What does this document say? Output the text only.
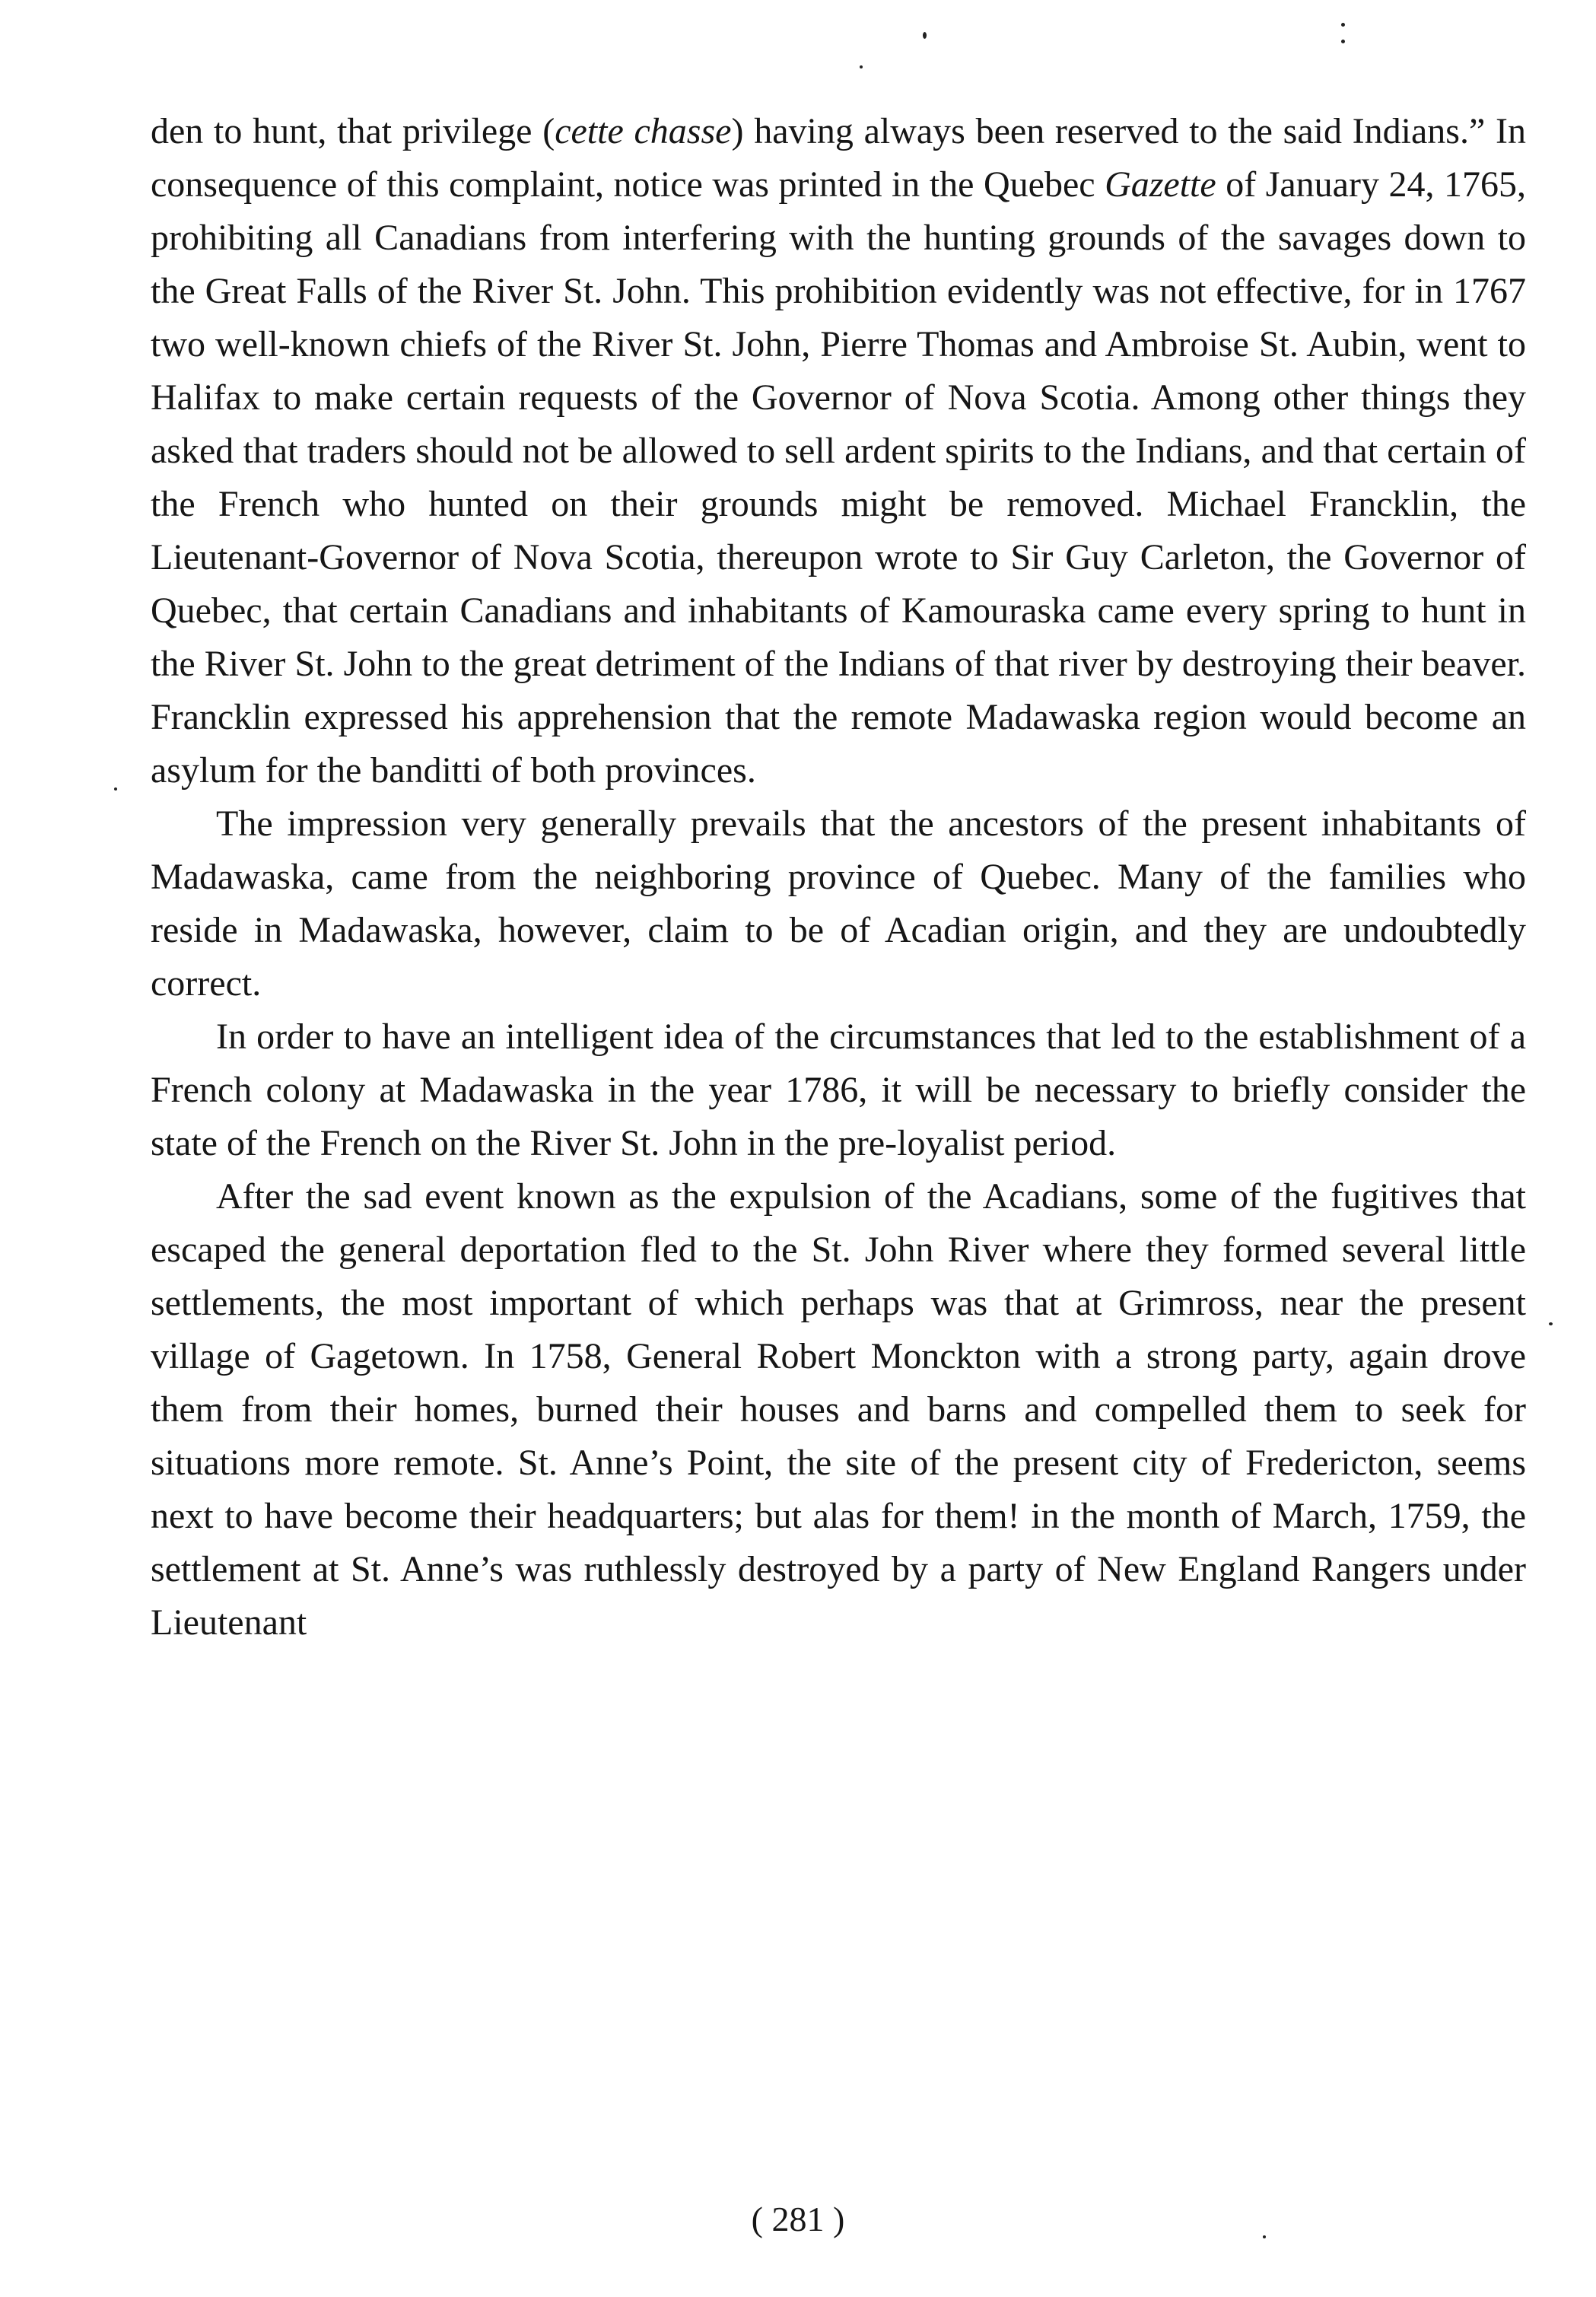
den to hunt, that privilege (cette chasse) having always been reserved to the said Indians.” In consequence of this complaint, notice was printed in the Quebec Gazette of January 24, 1765, prohibiting all Canadians from interfering with the hunting grounds of the savages down to the Great Falls of the River St. John. This prohibition evidently was not effective, for in 1767 two well-known chiefs of the River St. John, Pierre Thomas and Ambroise St. Aubin, went to Halifax to make certain requests of the Governor of Nova Scotia. Among other things they asked that traders should not be allowed to sell ardent spirits to the Indians, and that certain of the French who hunted on their grounds might be removed. Michael Francklin, the Lieutenant-Governor of Nova Scotia, thereupon wrote to Sir Guy Carleton, the Governor of Quebec, that certain Canadians and inhabitants of Kamouraska came every spring to hunt in the River St. John to the great detriment of the Indians of that river by destroying their beaver. Francklin expressed his apprehension that the remote Madawaska region would become an asylum for the banditti of both provinces.

The impression very generally prevails that the ancestors of the present inhabitants of Madawaska, came from the neighboring province of Quebec. Many of the families who reside in Madawaska, however, claim to be of Acadian origin, and they are undoubtedly correct.

In order to have an intelligent idea of the circumstances that led to the establishment of a French colony at Madawaska in the year 1786, it will be necessary to briefly consider the state of the French on the River St. John in the pre-loyalist period.

After the sad event known as the expulsion of the Acadians, some of the fugitives that escaped the general deportation fled to the St. John River where they formed several little settlements, the most important of which perhaps was that at Grimross, near the present village of Gagetown. In 1758, General Robert Monckton with a strong party, again drove them from their homes, burned their houses and barns and compelled them to seek for situations more remote. St. Anne’s Point, the site of the present city of Fredericton, seems next to have become their headquarters; but alas for them! in the month of March, 1759, the settlement at St. Anne’s was ruthlessly destroyed by a party of New England Rangers under Lieutenant

( 281 )
